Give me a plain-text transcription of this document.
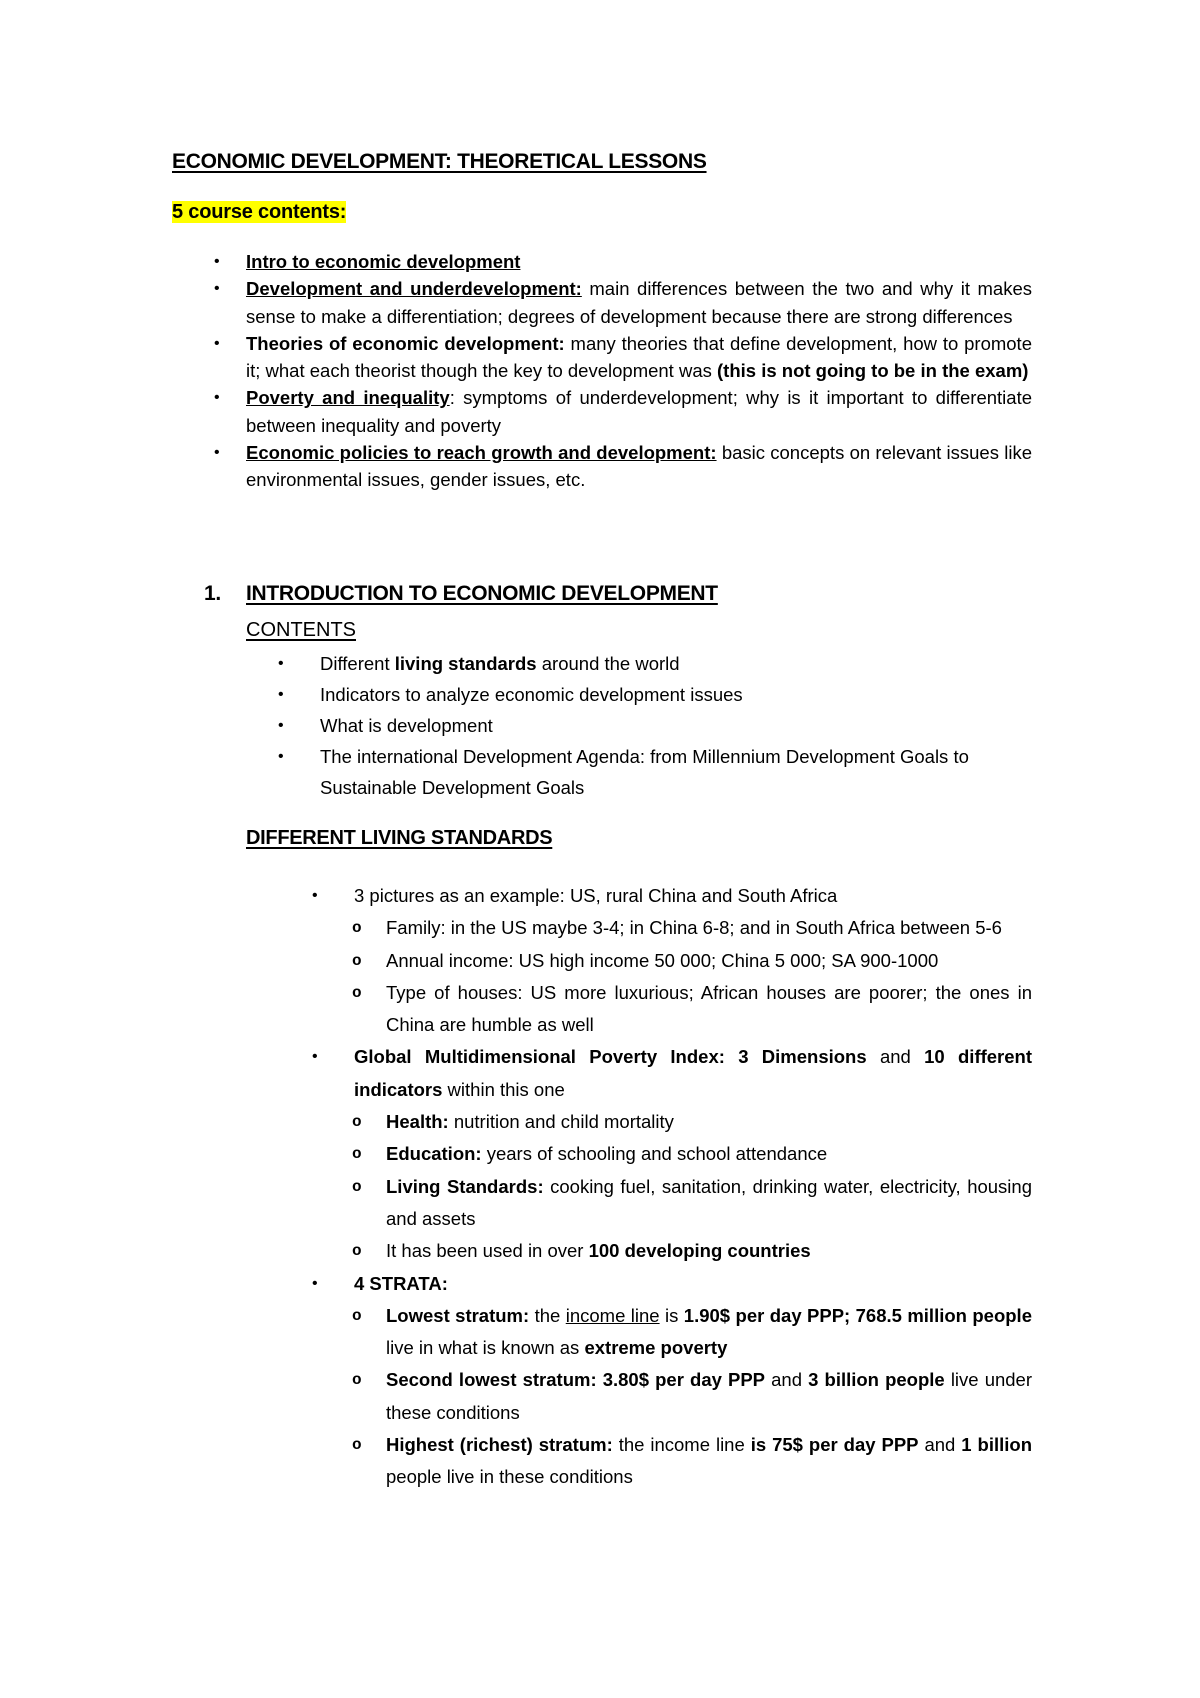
ECONOMIC DEVELOPMENT: THEORETICAL LESSONS

5 course contents:

• Intro to economic development
• Development and underdevelopment: main differences between the two and why it makes sense to make a differentiation; degrees of development because there are strong differences
• Theories of economic development: many theories that define development, how to promote it; what each theorist though the key to development was (this is not going to be in the exam)
• Poverty and inequality: symptoms of underdevelopment; why is it important to differentiate between inequality and poverty
• Economic policies to reach growth and development: basic concepts on relevant issues like environmental issues, gender issues, etc.
1. INTRODUCTION TO ECONOMIC DEVELOPMENT

CONTENTS

• Different living standards around the world
• Indicators to analyze economic development issues
• What is development
• The international Development Agenda: from Millennium Development Goals to Sustainable Development Goals
DIFFERENT LIVING STANDARDS
• 3 pictures as an example: US, rural China and South Africa
o Family: in the US maybe 3-4; in China 6-8; and in South Africa between 5-6
o Annual income: US high income 50 000; China 5 000; SA 900-1000
o Type of houses: US more luxurious; African houses are poorer; the ones in China are humble as well
• Global Multidimensional Poverty Index: 3 Dimensions and 10 different indicators within this one
o Health: nutrition and child mortality
o Education: years of schooling and school attendance
o Living Standards: cooking fuel, sanitation, drinking water, electricity, housing and assets
o It has been used in over 100 developing countries
• 4 STRATA:
o Lowest stratum: the income line is 1.90$ per day PPP; 768.5 million people live in what is known as extreme poverty
o Second lowest stratum: 3.80$ per day PPP and 3 billion people live under these conditions
o Highest (richest) stratum: the income line is 75$ per day PPP and 1 billion people live in these conditions
